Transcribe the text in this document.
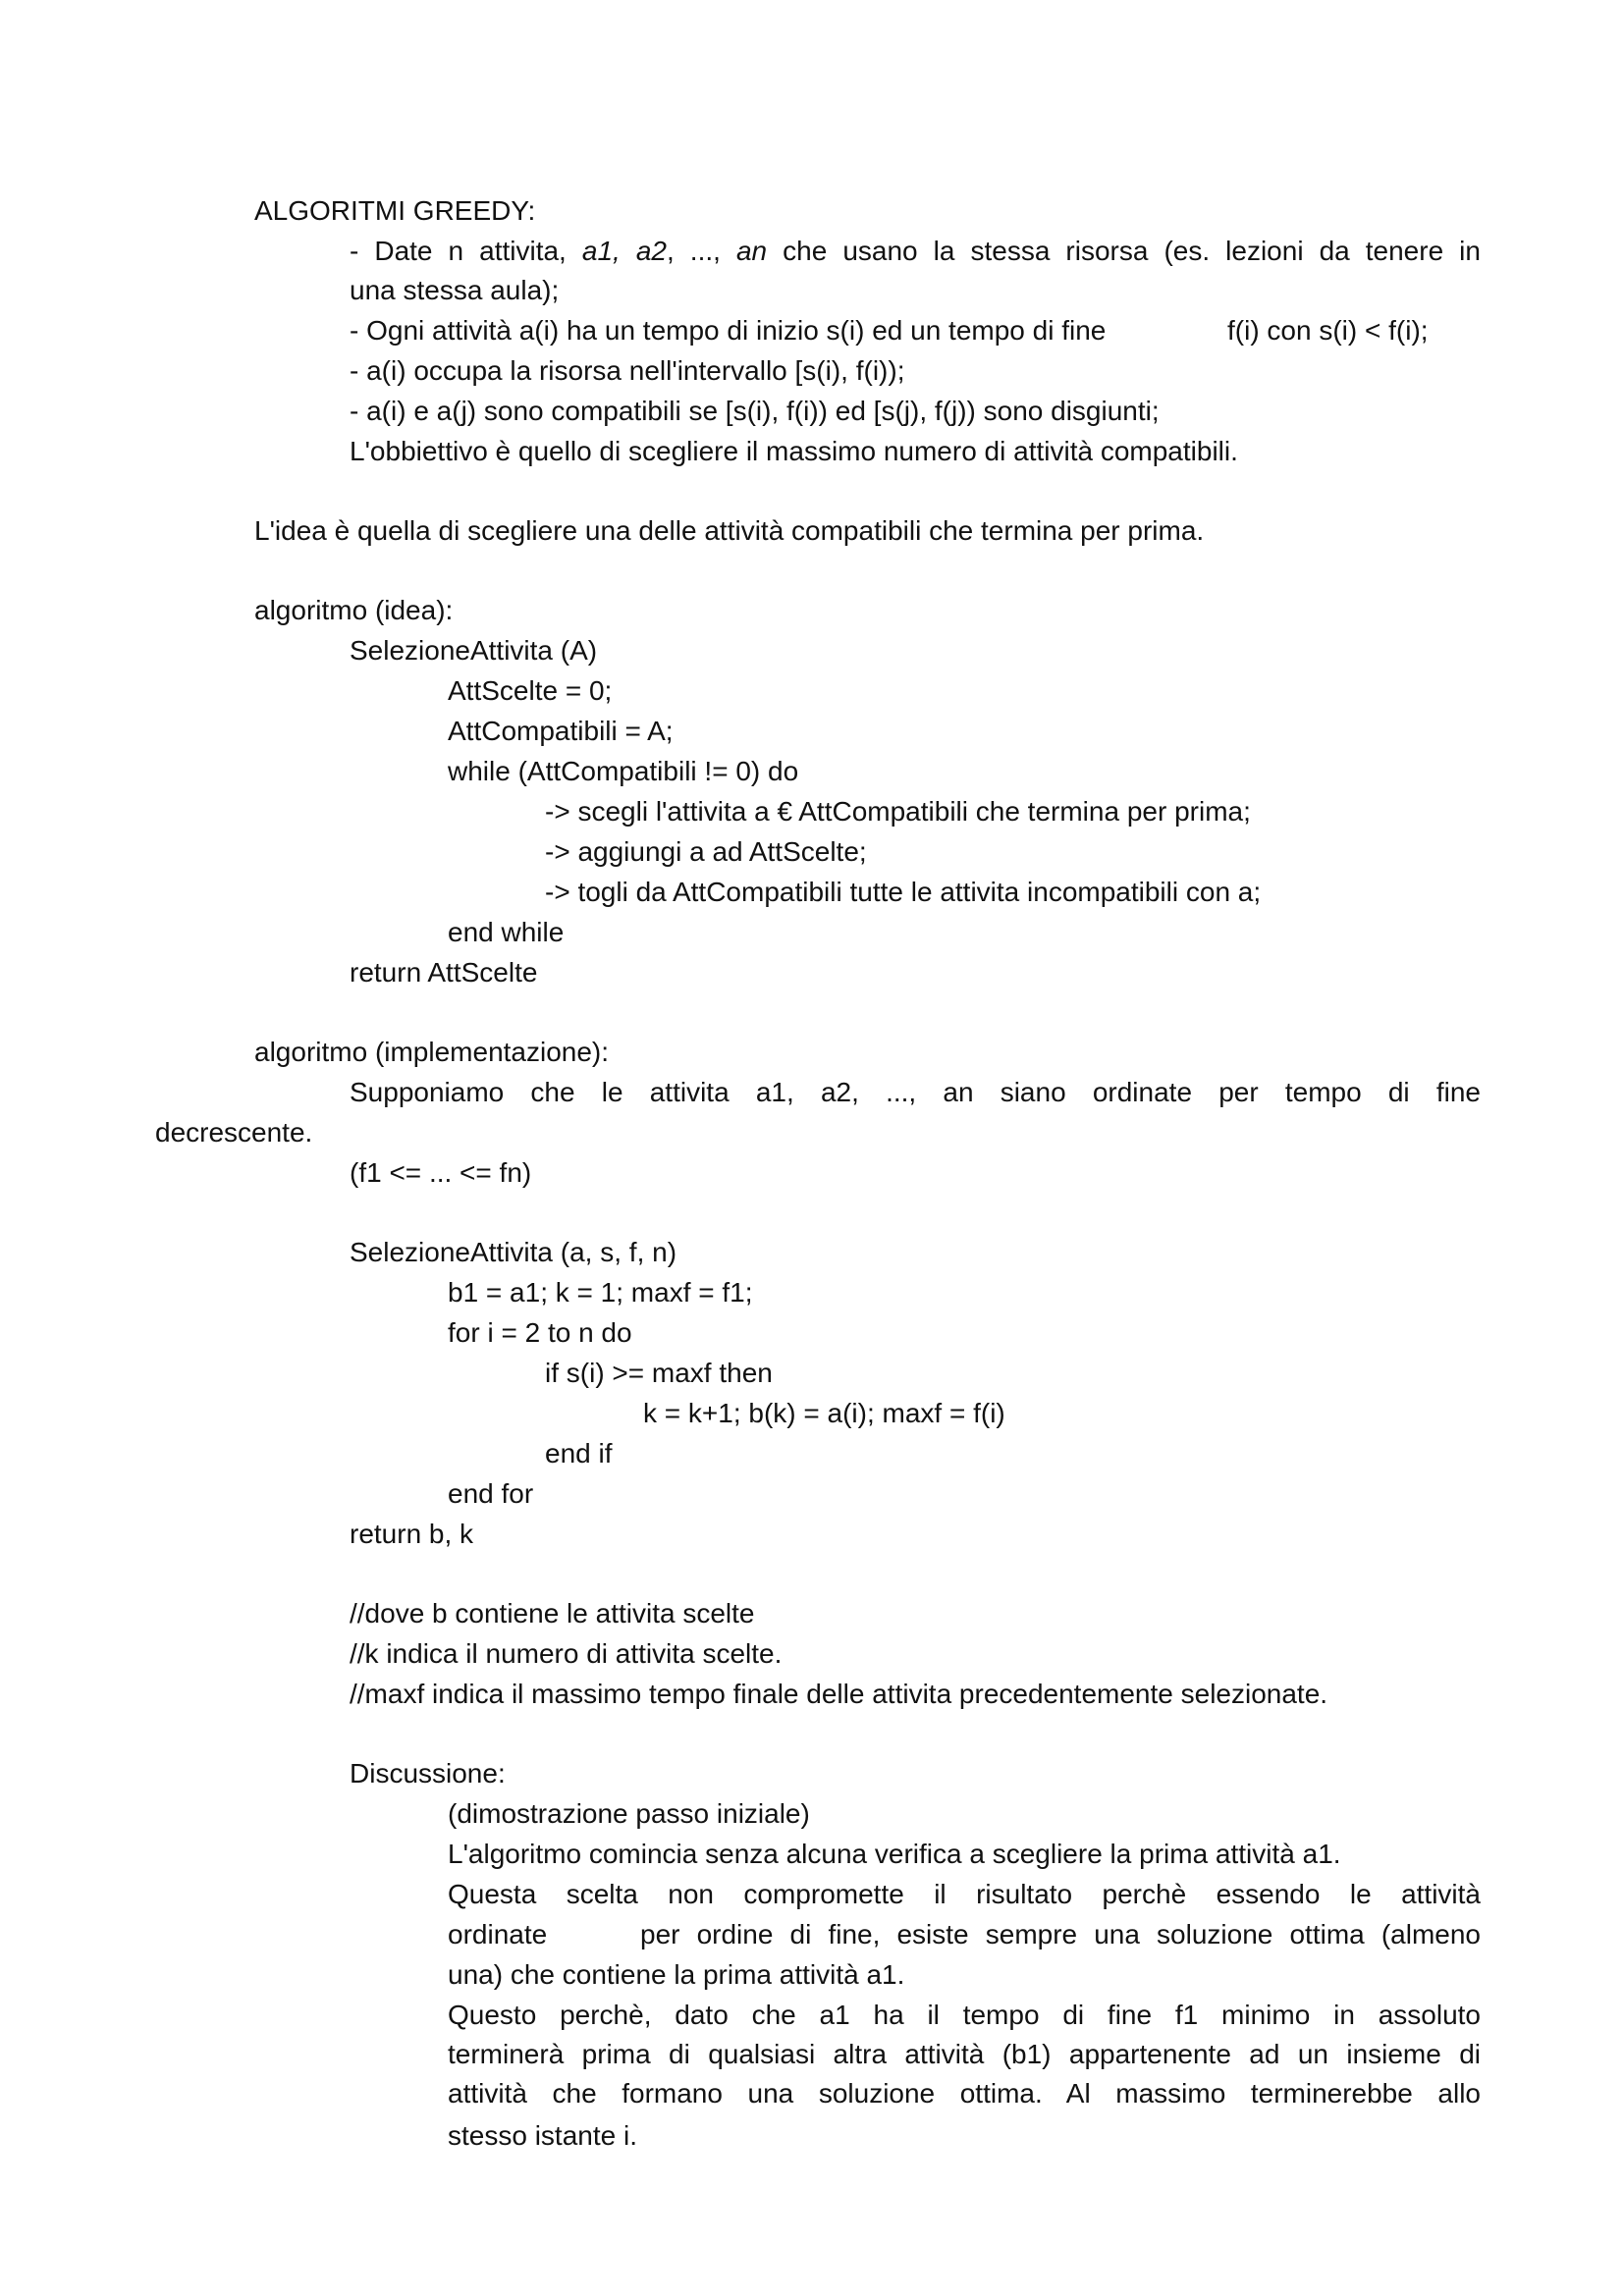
ALGORITMI GREEDY:
- Date n attivita, a1, a2, ..., an che usano la stessa risorsa (es. lezioni da tenere in
una stessa aula);
- Ogni attività a(i) ha un tempo di inizio s(i) ed un tempo di fine	f(i) con s(i) < f(i);
- a(i) occupa la risorsa nell'intervallo [s(i), f(i));
- a(i) e a(j) sono compatibili se [s(i), f(i)) ed [s(j), f(j)) sono disgiunti;
L'obbiettivo è quello di scegliere il massimo numero di attività compatibili.
L'idea è quella di scegliere una delle attività compatibili che termina per prima.
algoritmo (idea):
SelezioneAttivita (A)
AttScelte = 0;
AttCompatibili = A;
while (AttCompatibili != 0) do
-> scegli l'attivita a € AttCompatibili che termina per prima;
-> aggiungi a ad AttScelte;
-> togli da AttCompatibili tutte le attivita incompatibili con a;
end while
return AttScelte
algoritmo (implementazione):
Supponiamo che le attivita a1, a2, ..., an siano ordinate per tempo di fine
decrescente.
(f1 <= ... <= fn)
SelezioneAttivita (a, s, f, n)
b1 = a1; k = 1; maxf = f1;
for i = 2 to n do
if s(i) >= maxf then
k = k+1; b(k) = a(i); maxf = f(i)
end if
end for
return b, k
//dove b contiene le attivita scelte
//k indica il numero di attivita scelte.
//maxf indica il massimo tempo finale delle attivita precedentemente selezionate.
Discussione:
(dimostrazione passo iniziale)
L'algoritmo comincia senza alcuna verifica a scegliere la prima attività a1.
Questa scelta non compromette il risultato perchè essendo le attività
ordinate	per ordine di fine, esiste sempre una soluzione ottima (almeno
una) che contiene la prima attività a1.
Questo perchè, dato che a1 ha il tempo di fine f1 minimo in assoluto
terminerà prima di qualsiasi altra attività (b1) appartenente ad un insieme di
attività che formano una soluzione ottima. Al massimo terminerebbe allo
stesso istante i.
